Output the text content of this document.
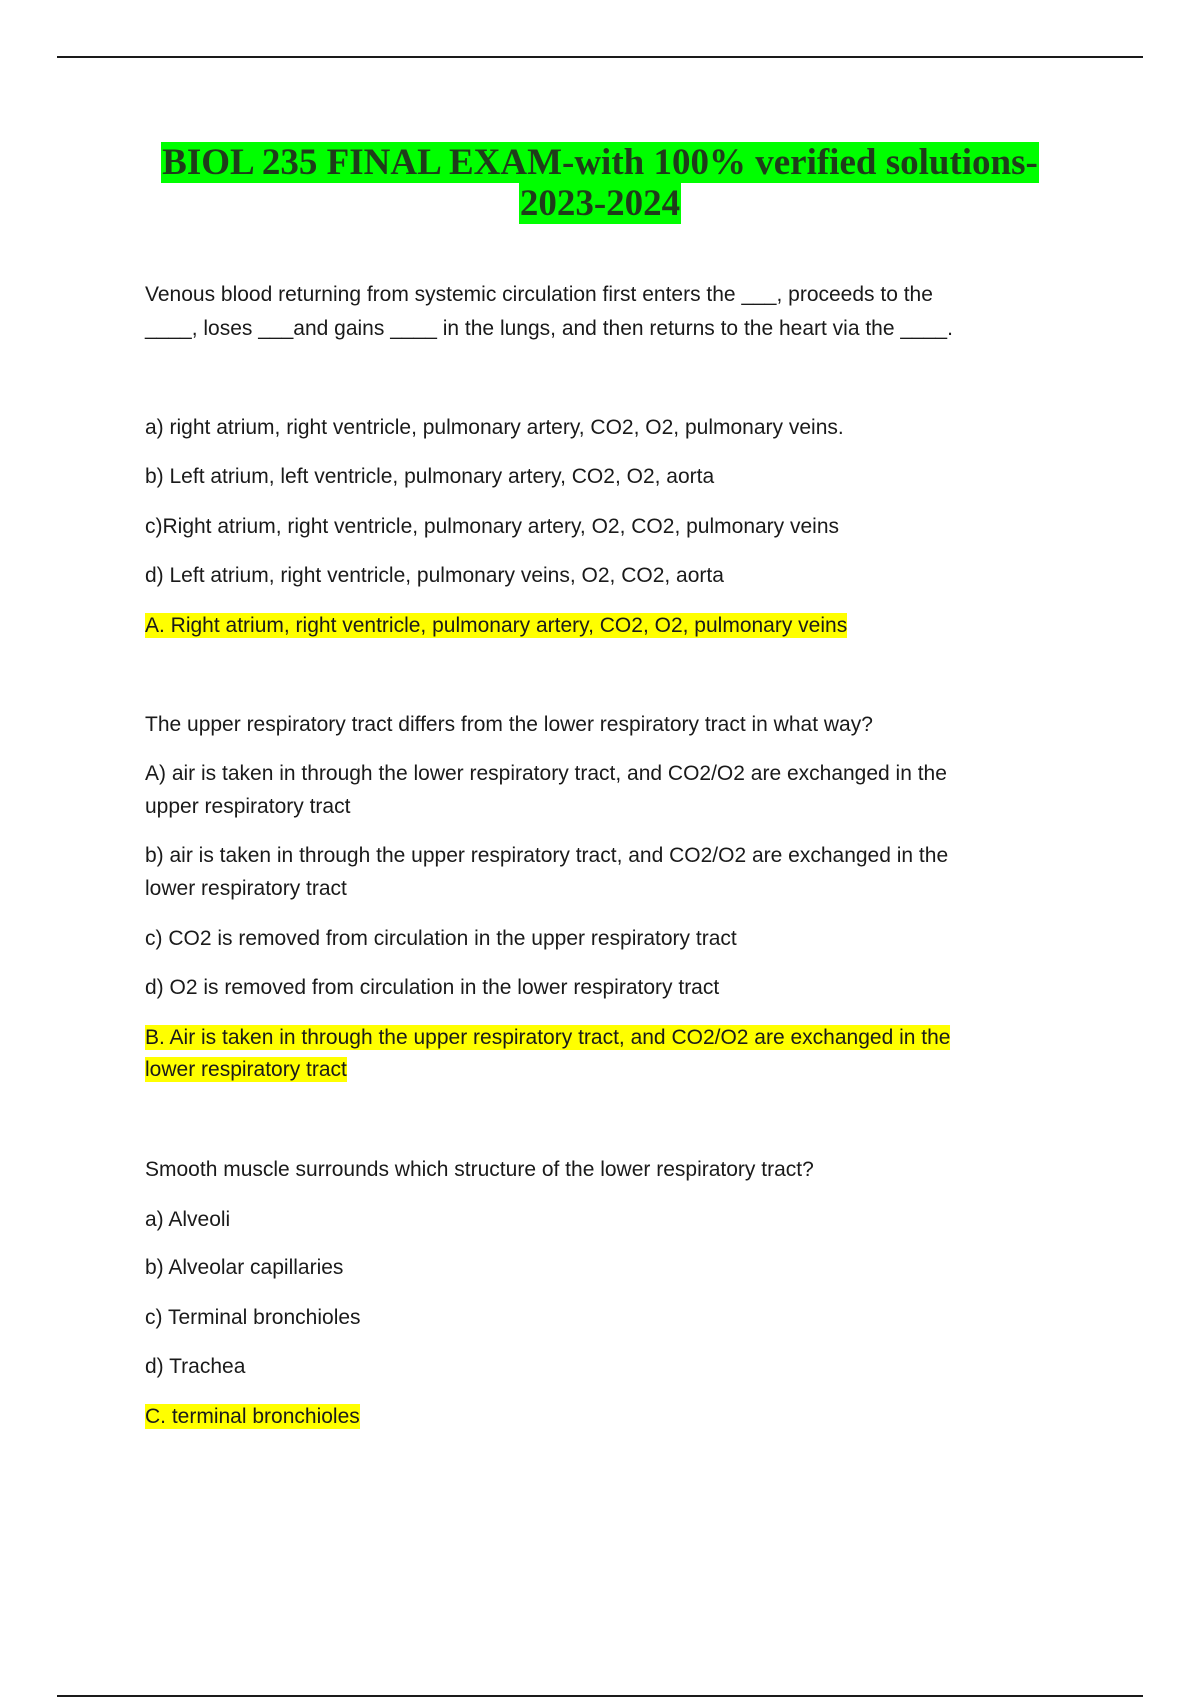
BIOL 235 FINAL EXAM-with 100% verified solutions-
2023-2024

Venous blood returning from systemic circulation first enters the ___, proceeds to the

____, loses ___and gains ____ in the lungs, and then returns to the heart via the ____.

a) right atrium, right ventricle, pulmonary artery, CO2, O2, pulmonary veins.

b) Left atrium, left ventricle, pulmonary artery, CO2, O2, aorta

c)Right atrium, right ventricle, pulmonary artery, O2, CO2, pulmonary veins

d) Left atrium, right ventricle, pulmonary veins, O2, CO2, aorta

A. Right atrium, right ventricle, pulmonary artery, CO2, O2, pulmonary veins

The upper respiratory tract differs from the lower respiratory tract in what way?

A) air is taken in through the lower respiratory tract, and CO2/O2 are exchanged in the

upper respiratory tract

b) air is taken in through the upper respiratory tract, and CO2/O2 are exchanged in the

lower respiratory tract

c) CO2 is removed from circulation in the upper respiratory tract

d) O2 is removed from circulation in the lower respiratory tract

B. Air is taken in through the upper respiratory tract, and CO2/O2 are exchanged in the

lower respiratory tract

Smooth muscle surrounds which structure of the lower respiratory tract?

a) Alveoli

b) Alveolar capillaries

c) Terminal bronchioles

d) Trachea

C. terminal bronchioles
